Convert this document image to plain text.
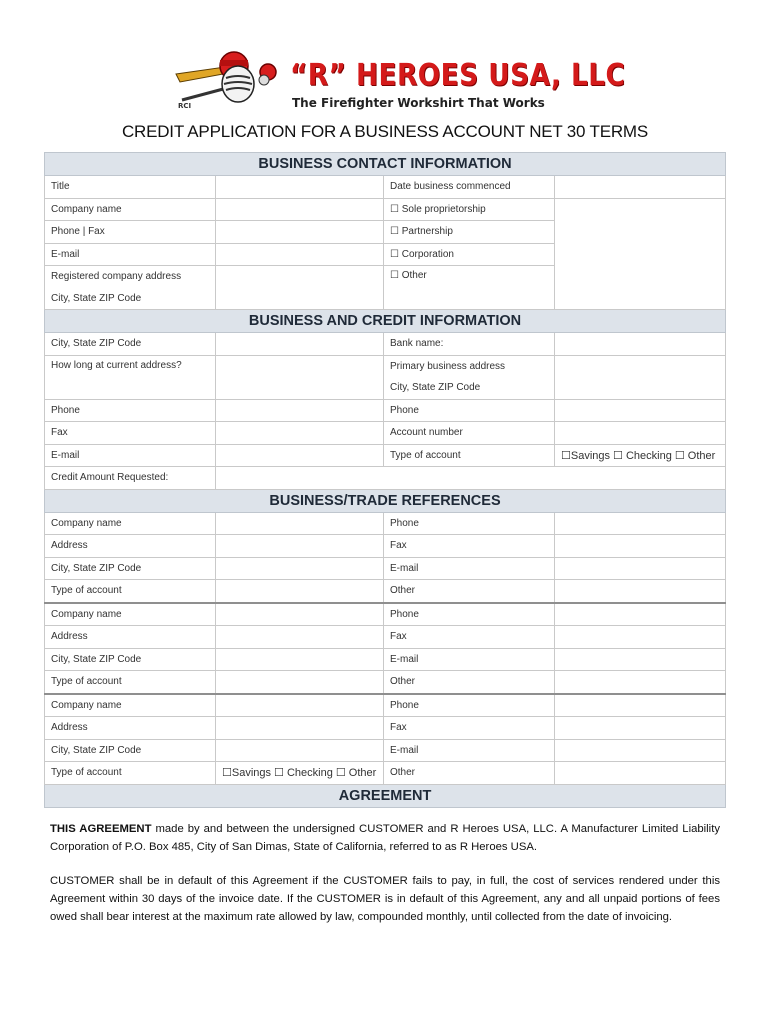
RCI
“R” HEROES USA, LLC
The Firefighter Workshirt That Works
CREDIT APPLICATION FOR A BUSINESS ACCOUNT NET 30 TERMS
BUSINESS CONTACT INFORMATION			
Title		Date business commenced	
Company name		☐ Sole proprietorship	
Phone | Fax		☐ Partnership	
E-mail		☐ Corporation	
Registered company address		☐ Other	
City, State ZIP Code			
BUSINESS AND CREDIT INFORMATION			
City, State ZIP Code		Bank name:	
How long at current address?		Primary business address	
		City, State ZIP Code	
Phone		Phone	
Fax		Account number	
E-mail		Type of account	☐Savings ☐ Checking ☐ Other
Credit Amount Requested:			
BUSINESS/TRADE REFERENCES			
Company name		Phone	
Address		Fax	
City, State ZIP Code		E-mail	
Type of account		Other	
Company name		Phone	
Address		Fax	
City, State ZIP Code		E-mail	
Type of account		Other	
Company name		Phone	
Address		Fax	
City, State ZIP Code		E-mail	
Type of account	☐Savings ☐ Checking ☐ Other	Other	
AGREEMENT			

THIS AGREEMENT made by and between the undersigned CUSTOMER and R Heroes USA, LLC. A Manufacturer Limited Liability Corporation of P.O. Box 485, City of San Dimas, State of California, referred to as R Heroes USA.

CUSTOMER shall be in default of this Agreement if the CUSTOMER fails to pay, in full, the cost of services rendered under this Agreement within 30 days of the invoice date. If the CUSTOMER is in default of this Agreement, any and all unpaid portions of fees owed shall bear interest at the maximum rate allowed by law, compounded monthly, until collected from the date of invoicing.
